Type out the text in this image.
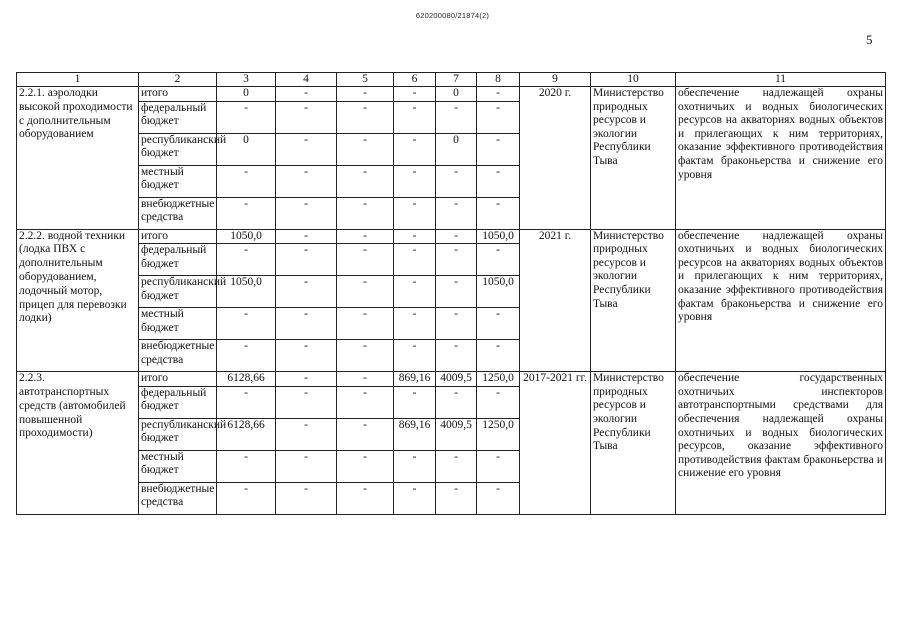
620200080/21874(2)
5
1	2	3	4	5	6	7	8	9	10	11
2.2.1. аэролодки высокой проходимости с дополнительным оборудованием	итого	0	-	-	-	0	-	2020 г.	Министерство природных ресурсов и экологии Республики Тыва	обеспечение надлежащей охраны охотничьих и водных биологических ресурсов на акваториях водных объектов и прилегающих к ним территориях, оказание эффективного противодействия фактам браконьерства и снижение его уровня
	федеральный бюджет	-	-	-	-	-	-			
	республиканский бюджет	0	-	-	-	0	-			
	местный бюджет	-	-	-	-	-	-			
	внебюджетные средства	-	-	-	-	-	-			
2.2.2. водной техники (лодка ПВХ с дополнительным оборудованием, лодочный мотор, прицеп для перевозки лодки)	итого	1050,0	-	-	-	-	1050,0	2021 г.	Министерство природных ресурсов и экологии Республики Тыва	обеспечение надлежащей охраны охотничьих и водных биологических ресурсов на акваториях водных объектов и прилегающих к ним территориях, оказание эффективного противодействия фактам браконьерства и снижение его уровня
	федеральный бюджет	-	-	-	-	-	-			
	республиканский бюджет	1050,0	-	-	-	-	1050,0			
	местный бюджет	-	-	-	-	-	-			
	внебюджетные средства	-	-	-	-	-	-			
2.2.3. автотранспортных средств (автомобилей повышенной проходимости)	итого	6128,66	-	-	869,16	4009,5	1250,0	2017-2021 гг.	Министерство природных ресурсов и экологии Республики Тыва	обеспечение государственных охотничьих инспекторов автотранспортными средствами для обеспечения надлежащей охраны охотничьих и водных биологических ресурсов, оказание эффективного противодействия фактам браконьерства и снижение его уровня
	федеральный бюджет	-	-	-	-	-	-			
	республиканский бюджет	6128,66	-	-	869,16	4009,5	1250,0			
	местный бюджет	-	-	-	-	-	-			
	внебюджетные средства	-	-	-	-	-	-			
